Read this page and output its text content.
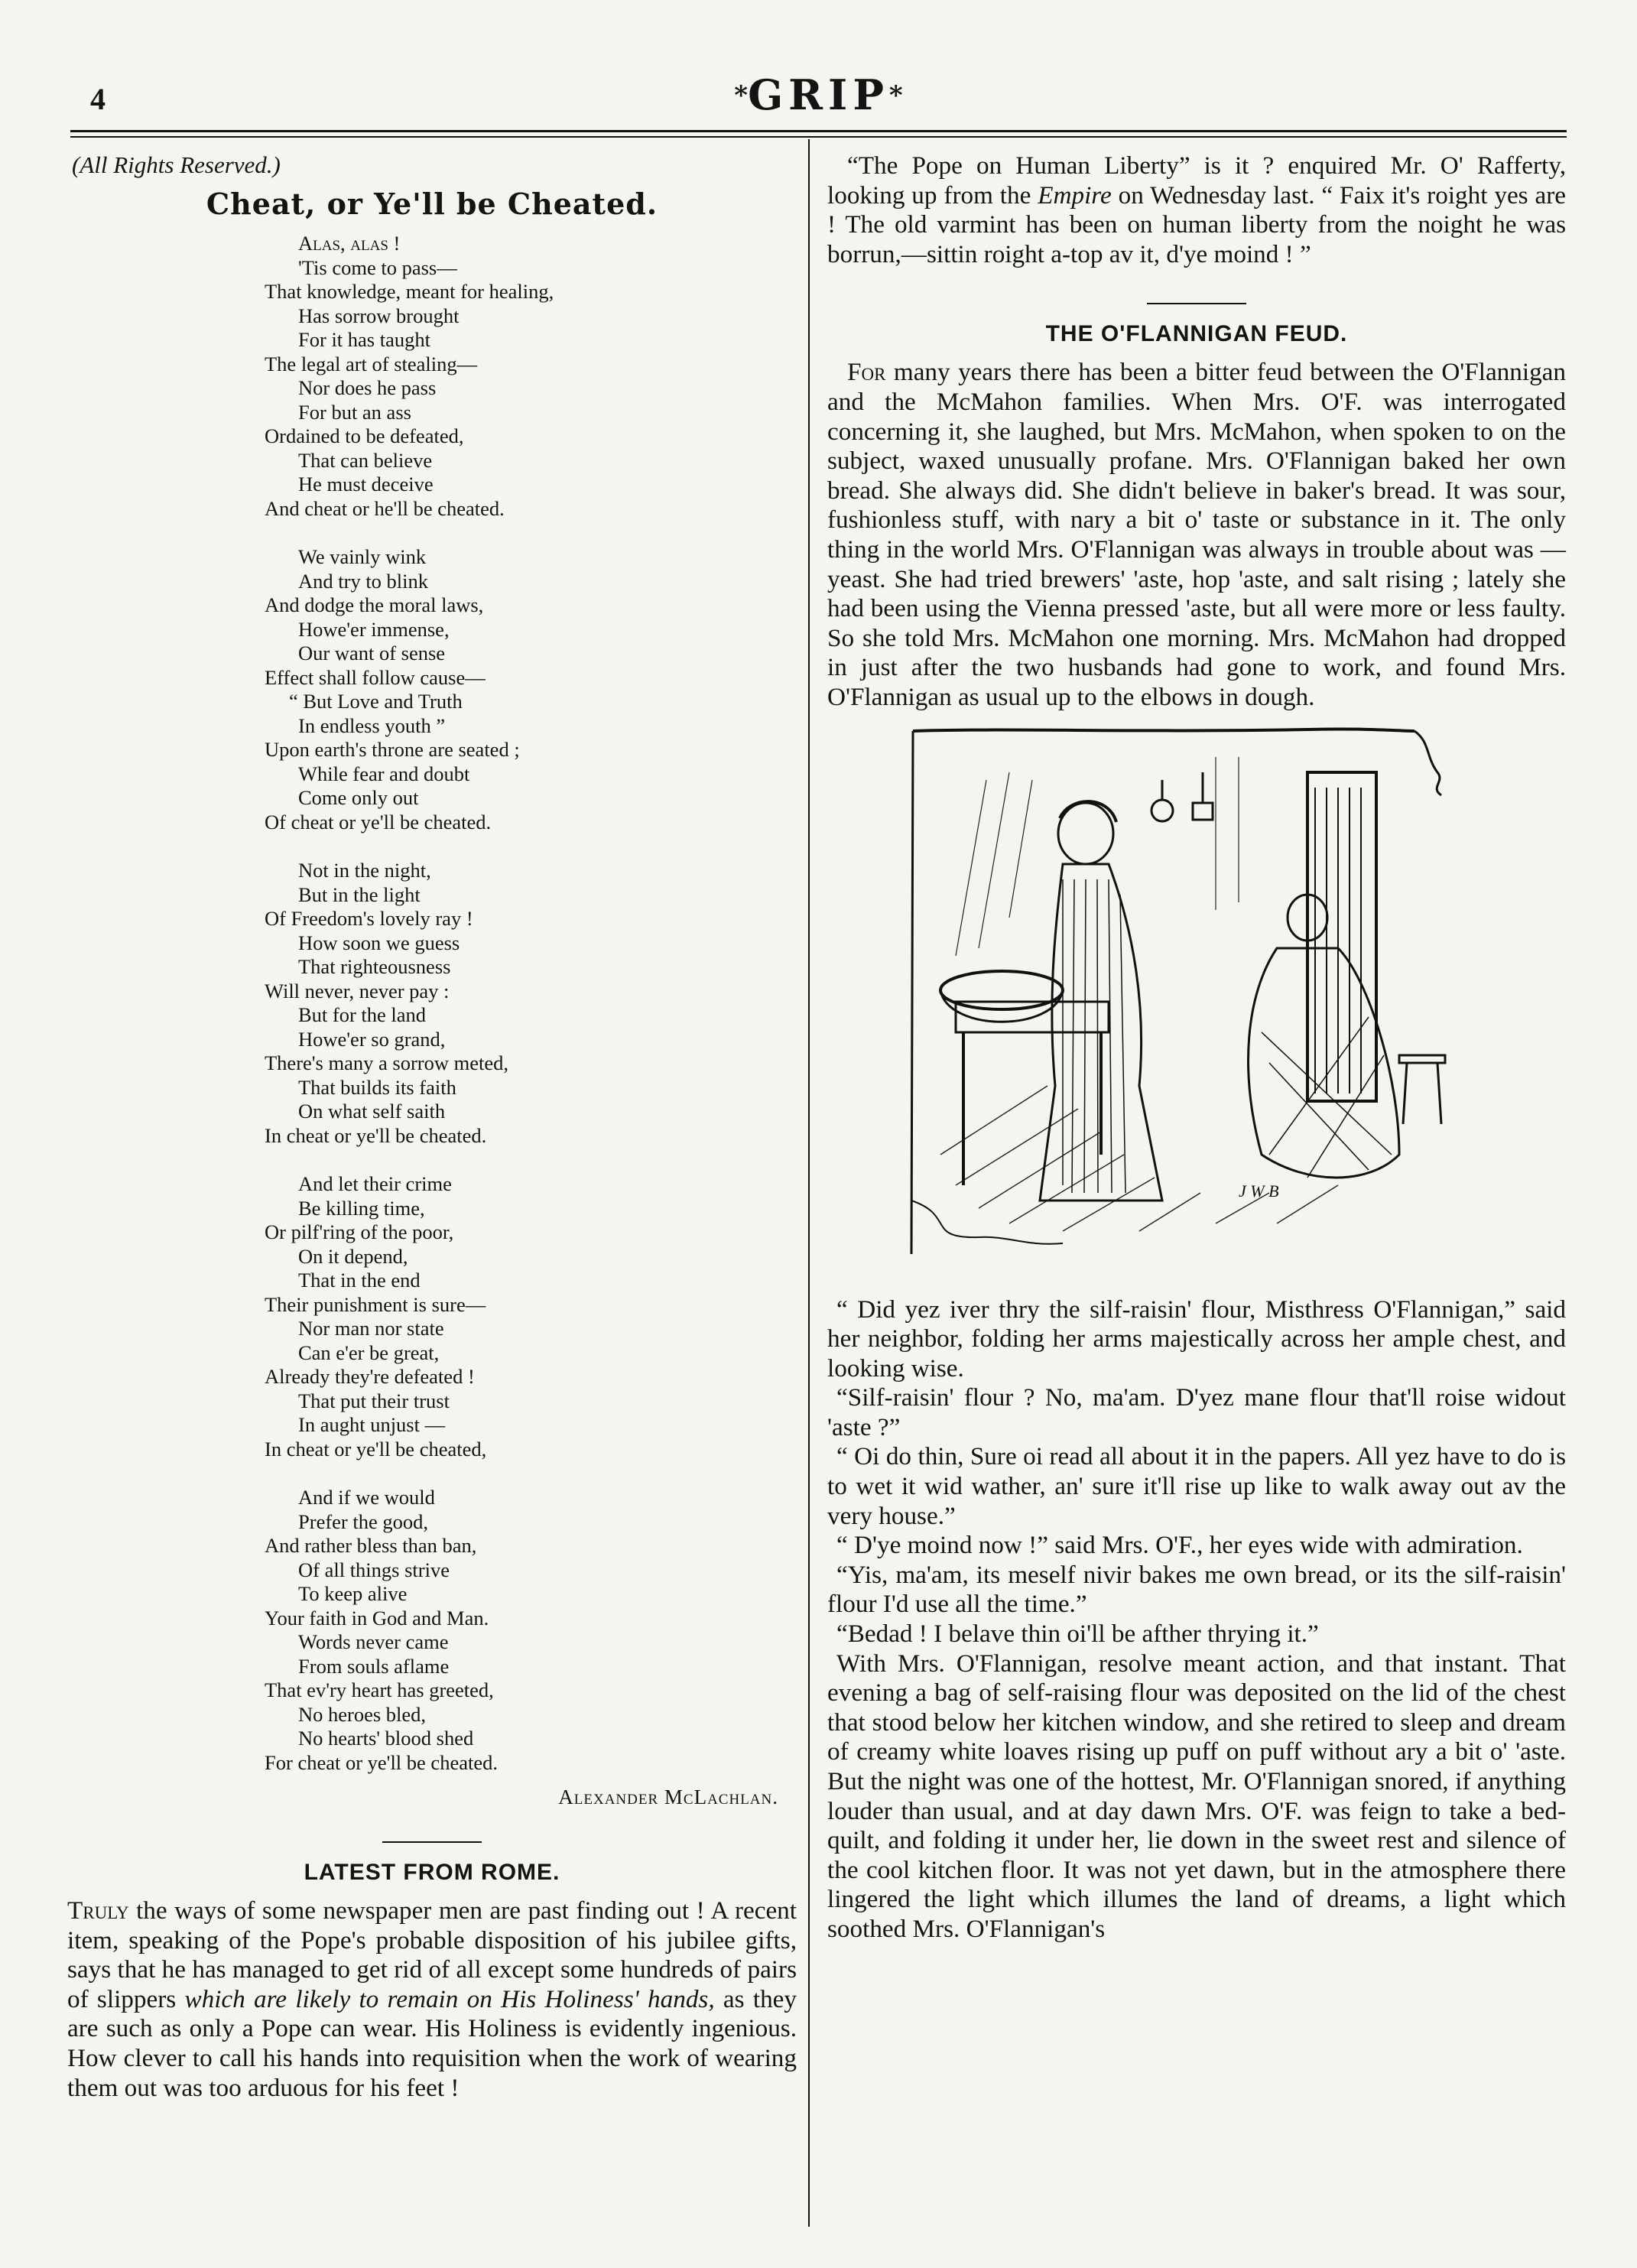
4	*GRIP*
(All Rights Reserved.)
Cheat, or Ye'll be Cheated.
Alas, alas !
'Tis come to pass—
That knowledge, meant for healing,
Has sorrow brought
For it has taught
The legal art of stealing—
Nor does he pass
For but an ass
Ordained to be defeated,
That can believe
He must deceive
And cheat or he'll be cheated.
We vainly wink
And try to blink
And dodge the moral laws,
Howe'er immense,
Our want of sense
Effect shall follow cause—
“ But Love and Truth
In endless youth ”
Upon earth's throne are seated ;
While fear and doubt
Come only out
Of cheat or ye'll be cheated.
Not in the night,
But in the light
Of Freedom's lovely ray !
How soon we guess
That righteousness
Will never, never pay :
But for the land
Howe'er so grand,
There's many a sorrow meted,
That builds its faith
On what self saith
In cheat or ye'll be cheated.
And let their crime
Be killing time,
Or pilf'ring of the poor,
On it depend,
That in the end
Their punishment is sure—
Nor man nor state
Can e'er be great,
Already they're defeated !
That put their trust
In aught unjust —
In cheat or ye'll be cheated,
And if we would
Prefer the good,
And rather bless than ban,
Of all things strive
To keep alive
Your faith in God and Man.
Words never came
From souls aflame
That ev'ry heart has greeted,
No heroes bled,
No hearts' blood shed
For cheat or ye'll be cheated.
Alexander McLachlan.
LATEST FROM ROME.

Truly the ways of some newspaper men are past finding out ! A recent item, speaking of the Pope's probable disposition of his jubilee gifts, says that he has managed to get rid of all except some hundreds of pairs of slippers which are likely to remain on His Holiness' hands, as they are such as only a Pope can wear. His Holiness is evidently ingenious. How clever to call his hands into requisition when the work of wearing them out was too arduous for his feet !

“The Pope on Human Liberty” is it ? enquired Mr. O' Rafferty, looking up from the Empire on Wednesday last. “ Faix it's roight yes are ! The old varmint has been on human liberty from the noight he was borrun,—sittin roight a-top av it, d'ye moind ! ”

THE O'FLANNIGAN FEUD.

For many years there has been a bitter feud between the O'Flannigan and the McMahon families. When Mrs. O'F. was interrogated concerning it, she laughed, but Mrs. McMahon, when spoken to on the subject, waxed unusually profane. Mrs. O'Flannigan baked her own bread. She always did. She didn't believe in baker's bread. It was sour, fushionless stuff, with nary a bit o' taste or substance in it. The only thing in the world Mrs. O'Flannigan was always in trouble about was —yeast. She had tried brewers' 'aste, hop 'aste, and salt rising ; lately she had been using the Vienna pressed 'aste, but all were more or less faulty. So she told Mrs. McMahon one morning. Mrs. McMahon had dropped in just after the two husbands had gone to work, and found Mrs. O'Flannigan as usual up to the elbows in dough.

J W B

“ Did yez iver thry the silf-raisin' flour, Misthress O'Flannigan,” said her neighbor, folding her arms majestically across her ample chest, and looking wise.

“Silf-raisin' flour ? No, ma'am. D'yez mane flour that'll roise widout 'aste ?”

“ Oi do thin, Sure oi read all about it in the papers. All yez have to do is to wet it wid wather, an' sure it'll rise up like to walk away out av the very house.”

“ D'ye moind now !” said Mrs. O'F., her eyes wide with admiration.

“Yis, ma'am, its meself nivir bakes me own bread, or its the silf-raisin' flour I'd use all the time.”

“Bedad ! I belave thin oi'll be afther thrying it.”

With Mrs. O'Flannigan, resolve meant action, and that instant. That evening a bag of self-raising flour was deposited on the lid of the chest that stood below her kitchen window, and she retired to sleep and dream of creamy white loaves rising up puff on puff without ary a bit o' 'aste. But the night was one of the hottest, Mr. O'Flannigan snored, if anything louder than usual, and at day dawn Mrs. O'F. was feign to take a bed-quilt, and folding it under her, lie down in the sweet rest and silence of the cool kitchen floor. It was not yet dawn, but in the atmosphere there lingered the light which illumes the land of dreams, a light which soothed Mrs. O'Flannigan's
